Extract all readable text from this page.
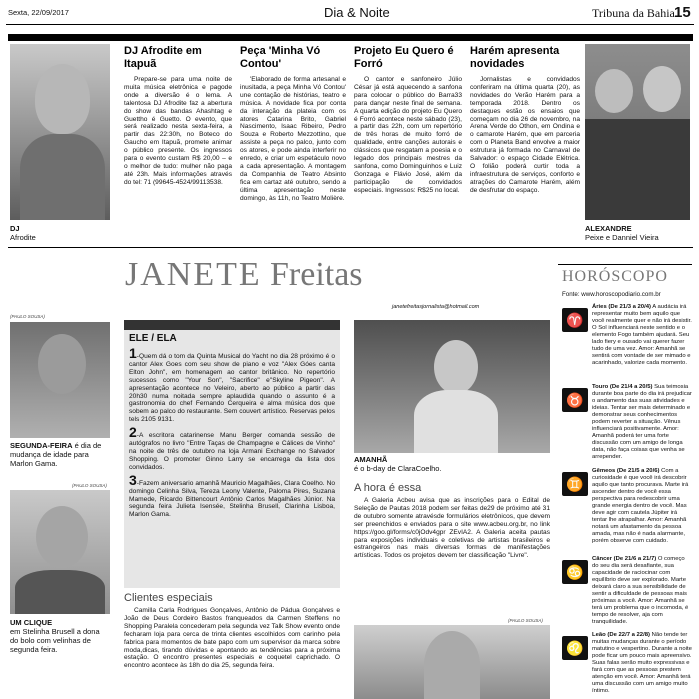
Sexta, 22/09/2017	Dia & Noite	Tribuna da Bahia 15
DJ
Afrodite
DJ Afrodite em Itapuã

Prepare-se para uma noite de muita música eletrônica e pagode onde a diversão é o lema. A talentosa DJ Afrodite faz a abertura do show das bandas Ahashtag e Guettho é Guetto. O evento, que será realizado nesta sexta-feira, a partir das 22:30h, no Boteco do Gaucho em Itapuã, promete animar o público presente. Os ingressos para o evento custam R$ 20,00 – e o melhor de tudo: mulher não paga até 23h. Mais informações através do tel: 71 (99645-4524/99113538.

Peça 'Minha Vó Contou'

'Elaborado de forma artesanal e inusitada, a peça Minha Vó Contou' une contação de histórias, teatro e música. A novidade fica por conta da interação da plateia com os atores Catarina Brito, Gabriel Nascimento, Isaac Ribeiro, Pedro Souza e Roberto Mezzottino, que assiste a peça no palco, junto com os atores, e pode ainda interferir no enredo, e criar um espetáculo novo a cada apresentação. A montagem da Companhia de Teatro Absinto fica em cartaz até outubro, sendo a última apresentação neste domingo, às 11h, no Teatro Molière.

Projeto Eu Quero é Forró

O cantor e sanfoneiro Júlio César já está aquecendo a sanfona para colocar o público do Barra33 para dançar neste final de semana. A quarta edição do projeto Eu Quero é Forró acontece neste sábado (23), a partir das 22h, com um repertório de três horas de muito forró de qualidade, entre canções autorais e clássicos que resgatam a poesia e o legado dos principais mestres da sanfona, como Dominguinhos e Luiz Gonzaga e Flávio José, além da participação de convidados especiais. Ingressos: R$25 no local.

Harém apresenta novidades

Jornalistas e convidados conferiram na última quarta (20), as novidades do Verão Harém para a temporada 2018. Dentro os destaques estão os ensaios que começam no dia 26 de novembro, na Arena Verde do Othon, em Ondina e o camarote Harém, que em parceria com o Planeta Band envolve a maior estrutura já formada no Carnaval de Salvador: o espaço Cidade Elétrica. O folião poderá curtir toda a infraestrutura de serviços, conforto e atrações do Camarote Harém, além de desfrutar do espaço.

ALEXANDRE
Peixe e Danniel Vieira
JANETE Freitas
janetefreitasjornalista@hotmail.com
(PAULO SOUSA)
SEGUNDA-FEIRA é dia de mudança de idade para Marlon Gama.
(PAULO SOUSA)
UM CLIQUE
em Stelinha Brusell a dona do bolo com velinhas de segunda feira.
ELE / ELA

1-Quem dá o tom da Quinta Musical do Yacht no dia 28 próximo é o cantor Alex Goes com seu show de piano e voz "Alex Góes canta Elton John", em homenagem ao cantor britânico. No repertório sucessos como "Your Son", "Sacrifice" e"Skyline Pigeon". A apresentação acontece no Veleiro, aberto ao público a partir das 20h30 numa noitada sempre aplaudida quando o assunto é a gastronomia do chef Fernando Cerqueira e alma música dos que sobem ao palco do restaurante. Sem couvert artístico. Reservas pelos tels 2105 9131.

2-A escritora catarinense Manu Berger comanda sessão de autógrafos no livro "Entre Taças de Champagne e Cálices de Vinho" na noite de três de outubro na loja Armani Exchange no Salvador Shopping. O promoter Ginno Larry se encarrega da lista dos convidados.

3-Fazem aniversario amanhã Mauricio Magalhães, Clara Coelho. No domingo Celinha Silva, Tereza Leony Valente, Paloma Pires, Suzana Mamede, Ricardo Bittencourt Antônio Carlos Magalhães Júnior. Na segunda feira Julieta Isensée, Stelinha Brusell, Clarinha Lisboa, Marlon Gama.

Clientes especiais

Camilla Carla Rodrigues Gonçalves, Antônio de Pádua Gonçalves e João de Deus Cordeiro Bastos franqueados da Carmen Steffens no Shopping Paralela concederam pela segunda vez Talk Show evento onde fecharam loja para cerca de trinta clientes escolhidos com carinho pela fabrica para momentos de bate papo com um supervisor da marca sobre moda,dicas, tirando dúvidas e apontando as tendências para a próxima estação. O encontro presentes especiais e coquetel caprichado. O encontro acontece às 18h do dia 25, segunda feira.

AMANHÃ
é o b-day de ClaraCoelho.
A hora é essa

A Galeria Acbeu avisa que as inscrições para o Edital de Seleção de Pautas 2018 podem ser feitas de29 de próximo até 31 de outubro somente atravésde formulários eletrônicos, que devem ser preenchidos e enviados para o site www.acbeu.org.br, no link https://goo.gl/forms/c0jOdv4gpr ZEvIA2. A Galeria aceita pautas para exposições individuais e coletivas de artistas brasileiros e estrangeiros nas mais diversas formas de manifestações artísticas. Todos os projetos devem ter classificação "Livre".

(PAULO SOUSA)
HORÓSCOPO
Fonte: www.horoscopodiario.com.br
♈
Áries (De 21/3 a 20/4) A audácia irá representar muito bem aquilo que você realmente quer e não irá desistir. O Sol influenciará neste sentido e o elemento Fogo também ajudará. Seu lado fiery e ousado vai querer fazer tudo de uma vez. Amor: Amanhã se sentirá com vontade de ser mimado e acarinhado, valorize cada momento.
♉
Touro (De 21/4 a 20/5) Sua teimosia durante boa parte do dia irá prejudicar o andamento das suas atividades e ideias. Tentar ser mais determinado e demonstrar seus conhecimentos podem reverter a situação. Vênus influenciará positivamente. Amor: Amanhã poderá ter uma forte discussão com um amigo de longa data, não faça coisas que venha se arrepender.
♊
Gêmeos (De 21/5 a 20/6) Com a curiosidade é que você irá descobrir aquilo que tanto procurava. Marte irá ascender dentro de você essa perspectiva para redescobrir uma grande energia dentro de você. Mas deve agir com cautela Júpiter irá tentar lhe atrapalhar. Amor: Amanhã notará um afastamento da pessoa amada, mas não é nada alarmante, porém observe com cuidado.
♋
Câncer (De 21/6 a 21/7) O começo do seu dia será desafiante, sua capacidade de raciocinar com equilíbrio deve ser explorado. Marte deixará claro a sua sensibilidade de sentir a dificuldade de pessoas mais próximas a você. Amor: Amanhã se terá um problema que o incomoda, é tempo de resolver, aja com tranquilidade.
♌
Leão (De 22/7 a 22/8) Não tende ter muitas mudanças durante o período matutino e vespertino. Durante a noite pode ficar um pouco mais apreensivo. Suas falas serão muito expressivas e fará com que as pessoas prestem atenção em você. Amor: Amanhã terá uma discussão com um amigo muito íntimo.
